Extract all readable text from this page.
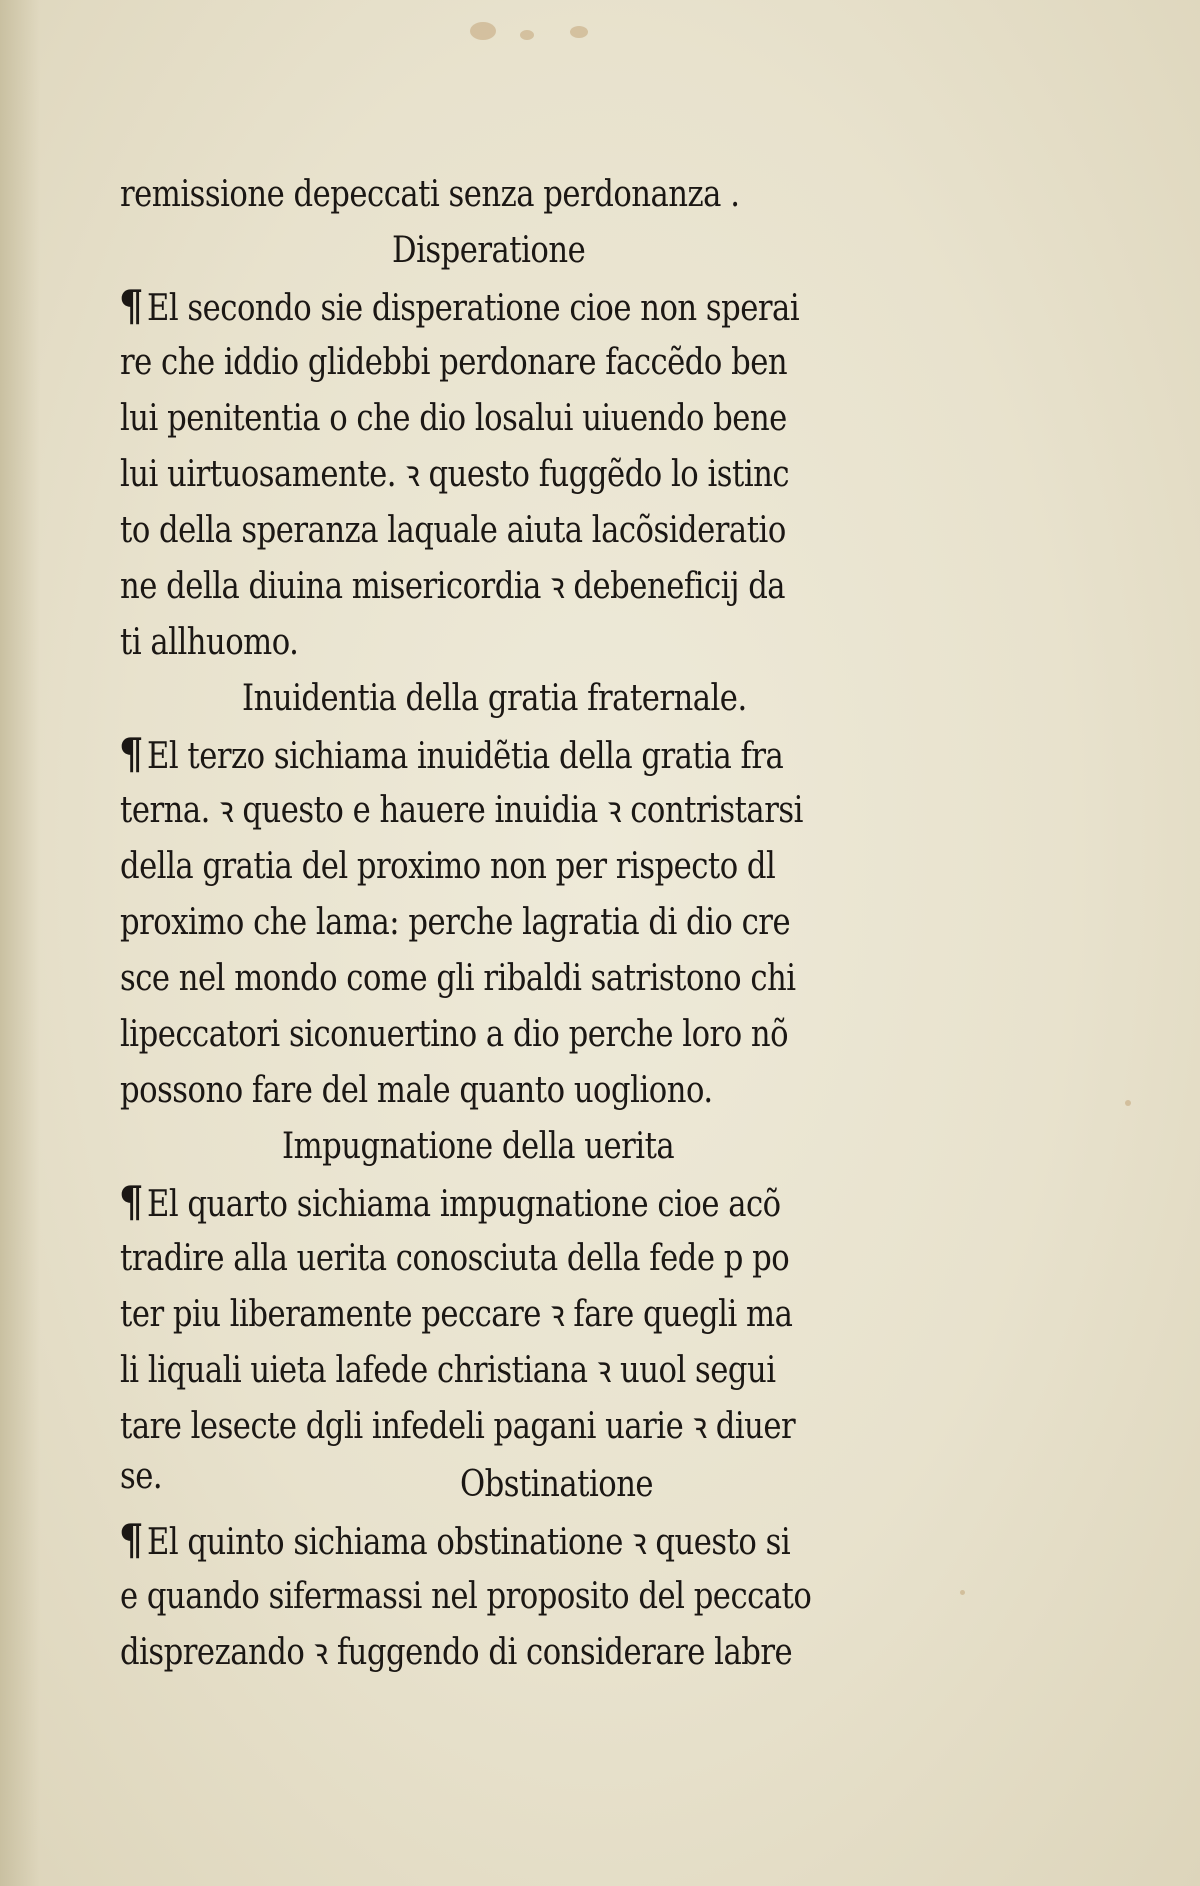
remissione depeccati senza perdonanza .
Disperatione
¶ El secondo sie disperatione cioe non sperai
re che iddio glidebbi perdonare faccẽdo ben
lui penitentia o che dio losalui uiuendo bene
lui uirtuosamente. ꝛ questo fuggẽdo lo istinc
to della speranza laquale aiuta lacõsideratio
ne della diuina misericordia ꝛ debeneficij da
ti allhuomo.
Inuidentia della gratia fraternale.
¶ El terzo sichiama inuidẽtia della gratia fra
terna. ꝛ questo e hauere inuidia ꝛ contristarsi
della gratia del proximo non per rispecto dl
proximo che lama: perche lagratia di dio cre
sce nel mondo come gli ribaldi satristono chi
lipeccatori siconuertino a dio perche loro nõ
possono fare del male quanto uogliono.
Impugnatione della uerita
¶ El quarto sichiama impugnatione cioe acõ
tradire alla uerita conosciuta della fede p po
ter piu liberamente peccare ꝛ fare quegli ma
li liquali uieta lafede christiana ꝛ uuol segui
tare lesecte dgli infedeli pagani uarie ꝛ diuer
se.	Obstinatione
¶ El quinto sichiama obstinatione ꝛ questo si
e quando sifermassi nel proposito del peccato
disprezando ꝛ fuggendo di considerare labre
